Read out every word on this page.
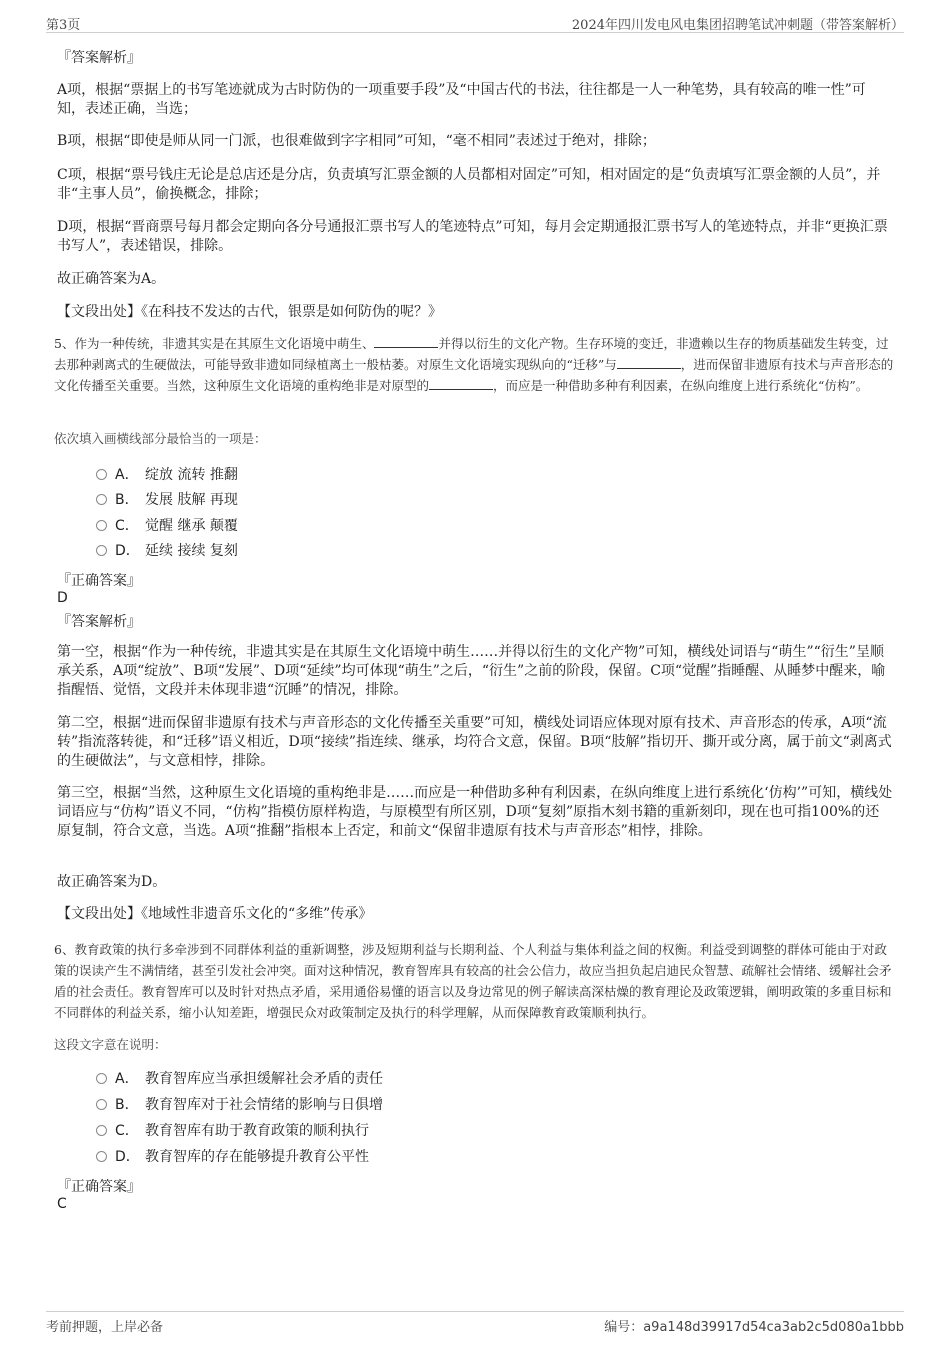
第3页	2024年四川发电风电集团招聘笔试冲刺题（带答案解析）

『答案解析』

A项，根据“票据上的书写笔迹就成为古时防伪的一项重要手段”及“中国古代的书法，往往都是一人一种笔势，具有较高的唯一性”可知，表述正确，当选；

B项，根据“即使是师从同一门派，也很难做到字字相同”可知，“毫不相同”表述过于绝对，排除；

C项，根据“票号钱庄无论是总店还是分店，负责填写汇票金额的人员都相对固定”可知，相对固定的是“负责填写汇票金额的人员”，并非“主事人员”，偷换概念，排除；

D项，根据“晋商票号每月都会定期向各分号通报汇票书写人的笔迹特点”可知，每月会定期通报汇票书写人的笔迹特点，并非“更换汇票书写人”，表述错误，排除。

故正确答案为A。

【文段出处】《在科技不发达的古代，银票是如何防伪的呢？》

5、作为一种传统，非遗其实是在其原生文化语境中萌生、	并得以衍生的文化产物。生存环境的变迁，非遗赖以生存的物质基础发生转变，过去那种剥离式的生硬做法，可能导致非遗如同绿植离土一般枯萎。对原生文化语境实现纵向的“迁移”与	，进而保留非遗原有技术与声音形态的文化传播至关重要。当然，这种原生文化语境的重构绝非是对原型的	，而应是一种借助多种有利因素，在纵向维度上进行系统化“仿构”。

依次填入画横线部分最恰当的一项是：

A． 绽放 流转 推翻
B． 发展 肢解 再现
C． 觉醒 继承 颠覆
D． 延续 接续 复刻

『正确答案』

D

『答案解析』

第一空，根据“作为一种传统，非遗其实是在其原生文化语境中萌生……并得以衍生的文化产物”可知，横线处词语与“萌生”“衍生”呈顺承关系，A项“绽放”、B项“发展”、D项“延续”均可体现“萌生”之后，“衍生”之前的阶段，保留。C项“觉醒”指睡醒、从睡梦中醒来，喻指醒悟、觉悟，文段并未体现非遗“沉睡”的情况，排除。

第二空，根据“进而保留非遗原有技术与声音形态的文化传播至关重要”可知，横线处词语应体现对原有技术、声音形态的传承，A项“流转”指流落转徙，和“迁移”语义相近，D项“接续”指连续、继承，均符合文意，保留。B项“肢解”指切开、撕开或分离，属于前文“剥离式的生硬做法”，与文意相悖，排除。

第三空，根据“当然，这种原生文化语境的重构绝非是……而应是一种借助多种有利因素，在纵向维度上进行系统化‘仿构’”可知，横线处词语应与“仿构”语义不同，“仿构”指模仿原样构造，与原模型有所区别，D项“复刻”原指木刻书籍的重新刻印，现在也可指100%的还原复制，符合文意，当选。A项“推翻”指根本上否定，和前文“保留非遗原有技术与声音形态”相悖，排除。

故正确答案为D。

【文段出处】《地域性非遗音乐文化的“多维”传承》

6、教育政策的执行多牵涉到不同群体利益的重新调整，涉及短期利益与长期利益、个人利益与集体利益之间的权衡。利益受到调整的群体可能由于对政策的误读产生不满情绪，甚至引发社会冲突。面对这种情况，教育智库具有较高的社会公信力，故应当担负起启迪民众智慧、疏解社会情绪、缓解社会矛盾的社会责任。教育智库可以及时针对热点矛盾，采用通俗易懂的语言以及身边常见的例子解读高深枯燥的教育理论及政策逻辑，阐明政策的多重目标和不同群体的利益关系，缩小认知差距，增强民众对政策制定及执行的科学理解，从而保障教育政策顺利执行。

这段文字意在说明：

A． 教育智库应当承担缓解社会矛盾的责任
B． 教育智库对于社会情绪的影响与日俱增
C． 教育智库有助于教育政策的顺利执行
D． 教育智库的存在能够提升教育公平性

『正确答案』

C

考前押题，上岸必备	编号：a9a148d39917d54ca3ab2c5d080a1bbb
